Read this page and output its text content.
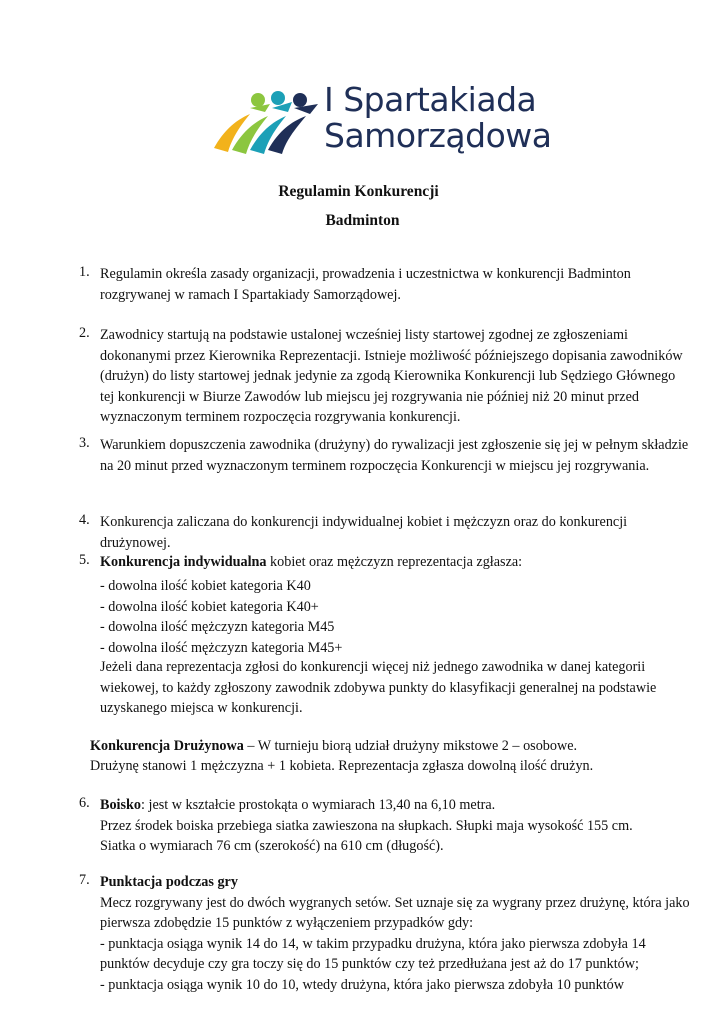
I Spartakiada
Samorządowa
Regulamin Konkurencji
Badminton
1. Regulamin określa zasady organizacji, prowadzenia i uczestnictwa w konkurencji Badminton rozgrywanej w ramach I Spartakiady Samorządowej.
2. Zawodnicy startują na podstawie ustalonej wcześniej listy startowej zgodnej ze zgłoszeniami dokonanymi przez Kierownika Reprezentacji. Istnieje możliwość późniejszego dopisania zawodników (drużyn) do listy startowej jednak jedynie za zgodą Kierownika Konkurencji lub Sędziego Głównego tej konkurencji w Biurze Zawodów lub miejscu jej rozgrywania nie później niż 20 minut przed wyznaczonym terminem rozpoczęcia rozgrywania konkurencji.
3. Warunkiem dopuszczenia zawodnika (drużyny) do rywalizacji jest zgłoszenie się jej w pełnym składzie na 20 minut przed wyznaczonym terminem rozpoczęcia Konkurencji w miejscu jej rozgrywania.
4. Konkurencja zaliczana do konkurencji indywidualnej kobiet i mężczyzn oraz do konkurencji drużynowej.
5. Konkurencja indywidualna kobiet oraz mężczyzn reprezentacja zgłasza:
- dowolna ilość kobiet kategoria K40
- dowolna ilość kobiet kategoria K40+
- dowolna ilość mężczyzn kategoria M45
- dowolna ilość mężczyzn kategoria M45+
Jeżeli dana reprezentacja zgłosi do konkurencji więcej niż jednego zawodnika w danej kategorii wiekowej, to każdy zgłoszony zawodnik zdobywa punkty do klasyfikacji generalnej na podstawie uzyskanego miejsca w konkurencji.
Konkurencja Drużynowa – W turnieju biorą udział drużyny mikstowe 2 – osobowe.
Drużynę stanowi 1 mężczyzna + 1 kobieta. Reprezentacja zgłasza dowolną ilość drużyn.
6. Boisko: jest w kształcie prostokąta o wymiarach 13,40 na 6,10 metra.
Przez środek boiska przebiega siatka zawieszona na słupkach. Słupki maja wysokość 155 cm.
Siatka o wymiarach 76 cm (szerokość) na 610 cm (długość).
7. Punktacja podczas gry
Mecz rozgrywany jest do dwóch wygranych setów. Set uznaje się za wygrany przez drużynę, która jako pierwsza zdobędzie 15 punktów z wyłączeniem przypadków gdy:
- punktacja osiąga wynik 14 do 14, w takim przypadku drużyna, która jako pierwsza zdobyła 14 punktów decyduje czy gra toczy się do 15 punktów czy też przedłużana jest aż do 17 punktów;
- punktacja osiąga wynik 10 do 10, wtedy drużyna, która jako pierwsza zdobyła 10 punktów
